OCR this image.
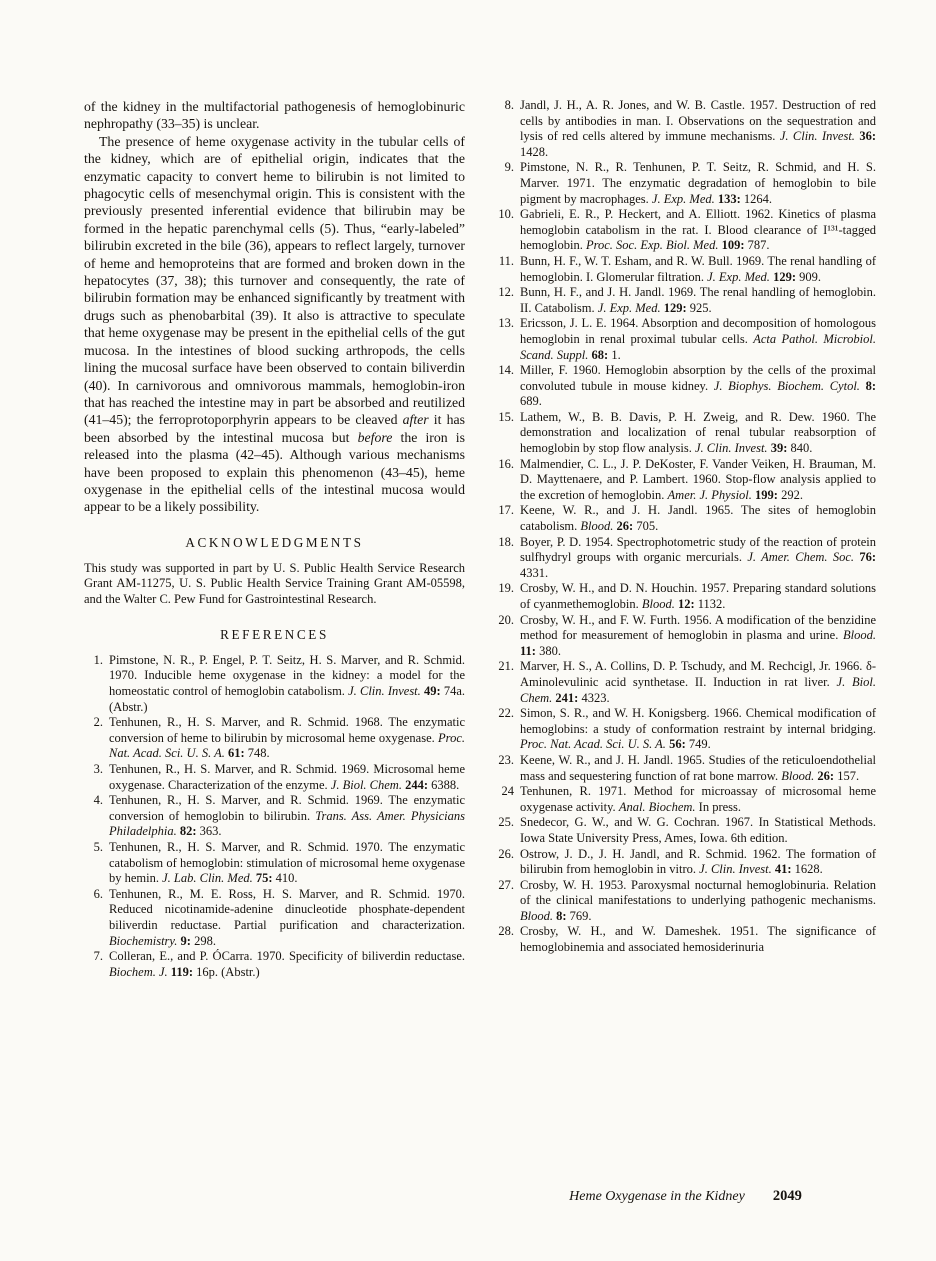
of the kidney in the multifactorial pathogenesis of hemoglobinuric nephropathy (33–35) is unclear.

The presence of heme oxygenase activity in the tubular cells of the kidney, which are of epithelial origin, indicates that the enzymatic capacity to convert heme to bilirubin is not limited to phagocytic cells of mesenchymal origin. This is consistent with the previously presented inferential evidence that bilirubin may be formed in the hepatic parenchymal cells (5). Thus, “early-labeled” bilirubin excreted in the bile (36), appears to reflect largely, turnover of heme and hemoproteins that are formed and broken down in the hepatocytes (37, 38); this turnover and consequently, the rate of bilirubin formation may be enhanced significantly by treatment with drugs such as phenobarbital (39). It also is attractive to speculate that heme oxygenase may be present in the epithelial cells of the gut mucosa. In the intestines of blood sucking arthropods, the cells lining the mucosal surface have been observed to contain biliverdin (40). In carnivorous and omnivorous mammals, hemoglobin-iron that has reached the intestine may in part be absorbed and reutilized (41–45); the ferroprotoporphyrin appears to be cleaved after it has been absorbed by the intestinal mucosa but before the iron is released into the plasma (42–45). Although various mechanisms have been proposed to explain this phenomenon (43–45), heme oxygenase in the epithelial cells of the intestinal mucosa would appear to be a likely possibility.

ACKNOWLEDGMENTS

This study was supported in part by U. S. Public Health Service Research Grant AM-11275, U. S. Public Health Service Training Grant AM-05598, and the Walter C. Pew Fund for Gastrointestinal Research.

REFERENCES

1. Pimstone, N. R., P. Engel, P. T. Seitz, H. S. Marver, and R. Schmid. 1970. Inducible heme oxygenase in the kidney: a model for the homeostatic control of hemoglobin catabolism. J. Clin. Invest. 49: 74a. (Abstr.)

2. Tenhunen, R., H. S. Marver, and R. Schmid. 1968. The enzymatic conversion of heme to bilirubin by microsomal heme oxygenase. Proc. Nat. Acad. Sci. U. S. A. 61: 748.

3. Tenhunen, R., H. S. Marver, and R. Schmid. 1969. Microsomal heme oxygenase. Characterization of the enzyme. J. Biol. Chem. 244: 6388.

4. Tenhunen, R., H. S. Marver, and R. Schmid. 1969. The enzymatic conversion of hemoglobin to bilirubin. Trans. Ass. Amer. Physicians Philadelphia. 82: 363.

5. Tenhunen, R., H. S. Marver, and R. Schmid. 1970. The enzymatic catabolism of hemoglobin: stimulation of microsomal heme oxygenase by hemin. J. Lab. Clin. Med. 75: 410.

6. Tenhunen, R., M. E. Ross, H. S. Marver, and R. Schmid. 1970. Reduced nicotinamide-adenine dinucleotide phosphate-dependent biliverdin reductase. Partial purification and characterization. Biochemistry. 9: 298.

7. Colleran, E., and P. ÓCarra. 1970. Specificity of biliverdin reductase. Biochem. J. 119: 16p. (Abstr.)

8. Jandl, J. H., A. R. Jones, and W. B. Castle. 1957. Destruction of red cells by antibodies in man. I. Observations on the sequestration and lysis of red cells altered by immune mechanisms. J. Clin. Invest. 36: 1428.

9. Pimstone, N. R., R. Tenhunen, P. T. Seitz, R. Schmid, and H. S. Marver. 1971. The enzymatic degradation of hemoglobin to bile pigment by macrophages. J. Exp. Med. 133: 1264.

10. Gabrieli, E. R., P. Heckert, and A. Elliott. 1962. Kinetics of plasma hemoglobin catabolism in the rat. I. Blood clearance of I¹³¹-tagged hemoglobin. Proc. Soc. Exp. Biol. Med. 109: 787.

11. Bunn, H. F., W. T. Esham, and R. W. Bull. 1969. The renal handling of hemoglobin. I. Glomerular filtration. J. Exp. Med. 129: 909.

12. Bunn, H. F., and J. H. Jandl. 1969. The renal handling of hemoglobin. II. Catabolism. J. Exp. Med. 129: 925.

13. Ericsson, J. L. E. 1964. Absorption and decomposition of homologous hemoglobin in renal proximal tubular cells. Acta Pathol. Microbiol. Scand. Suppl. 68: 1.

14. Miller, F. 1960. Hemoglobin absorption by the cells of the proximal convoluted tubule in mouse kidney. J. Biophys. Biochem. Cytol. 8: 689.

15. Lathem, W., B. B. Davis, P. H. Zweig, and R. Dew. 1960. The demonstration and localization of renal tubular reabsorption of hemoglobin by stop flow analysis. J. Clin. Invest. 39: 840.

16. Malmendier, C. L., J. P. DeKoster, F. Vander Veiken, H. Brauman, M. D. Mayttenaere, and P. Lambert. 1960. Stop-flow analysis applied to the excretion of hemoglobin. Amer. J. Physiol. 199: 292.

17. Keene, W. R., and J. H. Jandl. 1965. The sites of hemoglobin catabolism. Blood. 26: 705.

18. Boyer, P. D. 1954. Spectrophotometric study of the reaction of protein sulfhydryl groups with organic mercurials. J. Amer. Chem. Soc. 76: 4331.

19. Crosby, W. H., and D. N. Houchin. 1957. Preparing standard solutions of cyanmethemoglobin. Blood. 12: 1132.

20. Crosby, W. H., and F. W. Furth. 1956. A modification of the benzidine method for measurement of hemoglobin in plasma and urine. Blood. 11: 380.

21. Marver, H. S., A. Collins, D. P. Tschudy, and M. Rechcigl, Jr. 1966. δ-Aminolevulinic acid synthetase. II. Induction in rat liver. J. Biol. Chem. 241: 4323.

22. Simon, S. R., and W. H. Konigsberg. 1966. Chemical modification of hemoglobins: a study of conformation restraint by internal bridging. Proc. Nat. Acad. Sci. U. S. A. 56: 749.

23. Keene, W. R., and J. H. Jandl. 1965. Studies of the reticuloendothelial mass and sequestering function of rat bone marrow. Blood. 26: 157.

24 Tenhunen, R. 1971. Method for microassay of microsomal heme oxygenase activity. Anal. Biochem. In press.

25. Snedecor, G. W., and W. G. Cochran. 1967. In Statistical Methods. Iowa State University Press, Ames, Iowa. 6th edition.

26. Ostrow, J. D., J. H. Jandl, and R. Schmid. 1962. The formation of bilirubin from hemoglobin in vitro. J. Clin. Invest. 41: 1628.

27. Crosby, W. H. 1953. Paroxysmal nocturnal hemoglobinuria. Relation of the clinical manifestations to underlying pathogenic mechanisms. Blood. 8: 769.

28. Crosby, W. H., and W. Dameshek. 1951. The significance of hemoglobinemia and associated hemosiderinuria

Heme Oxygenase in the Kidney 2049
